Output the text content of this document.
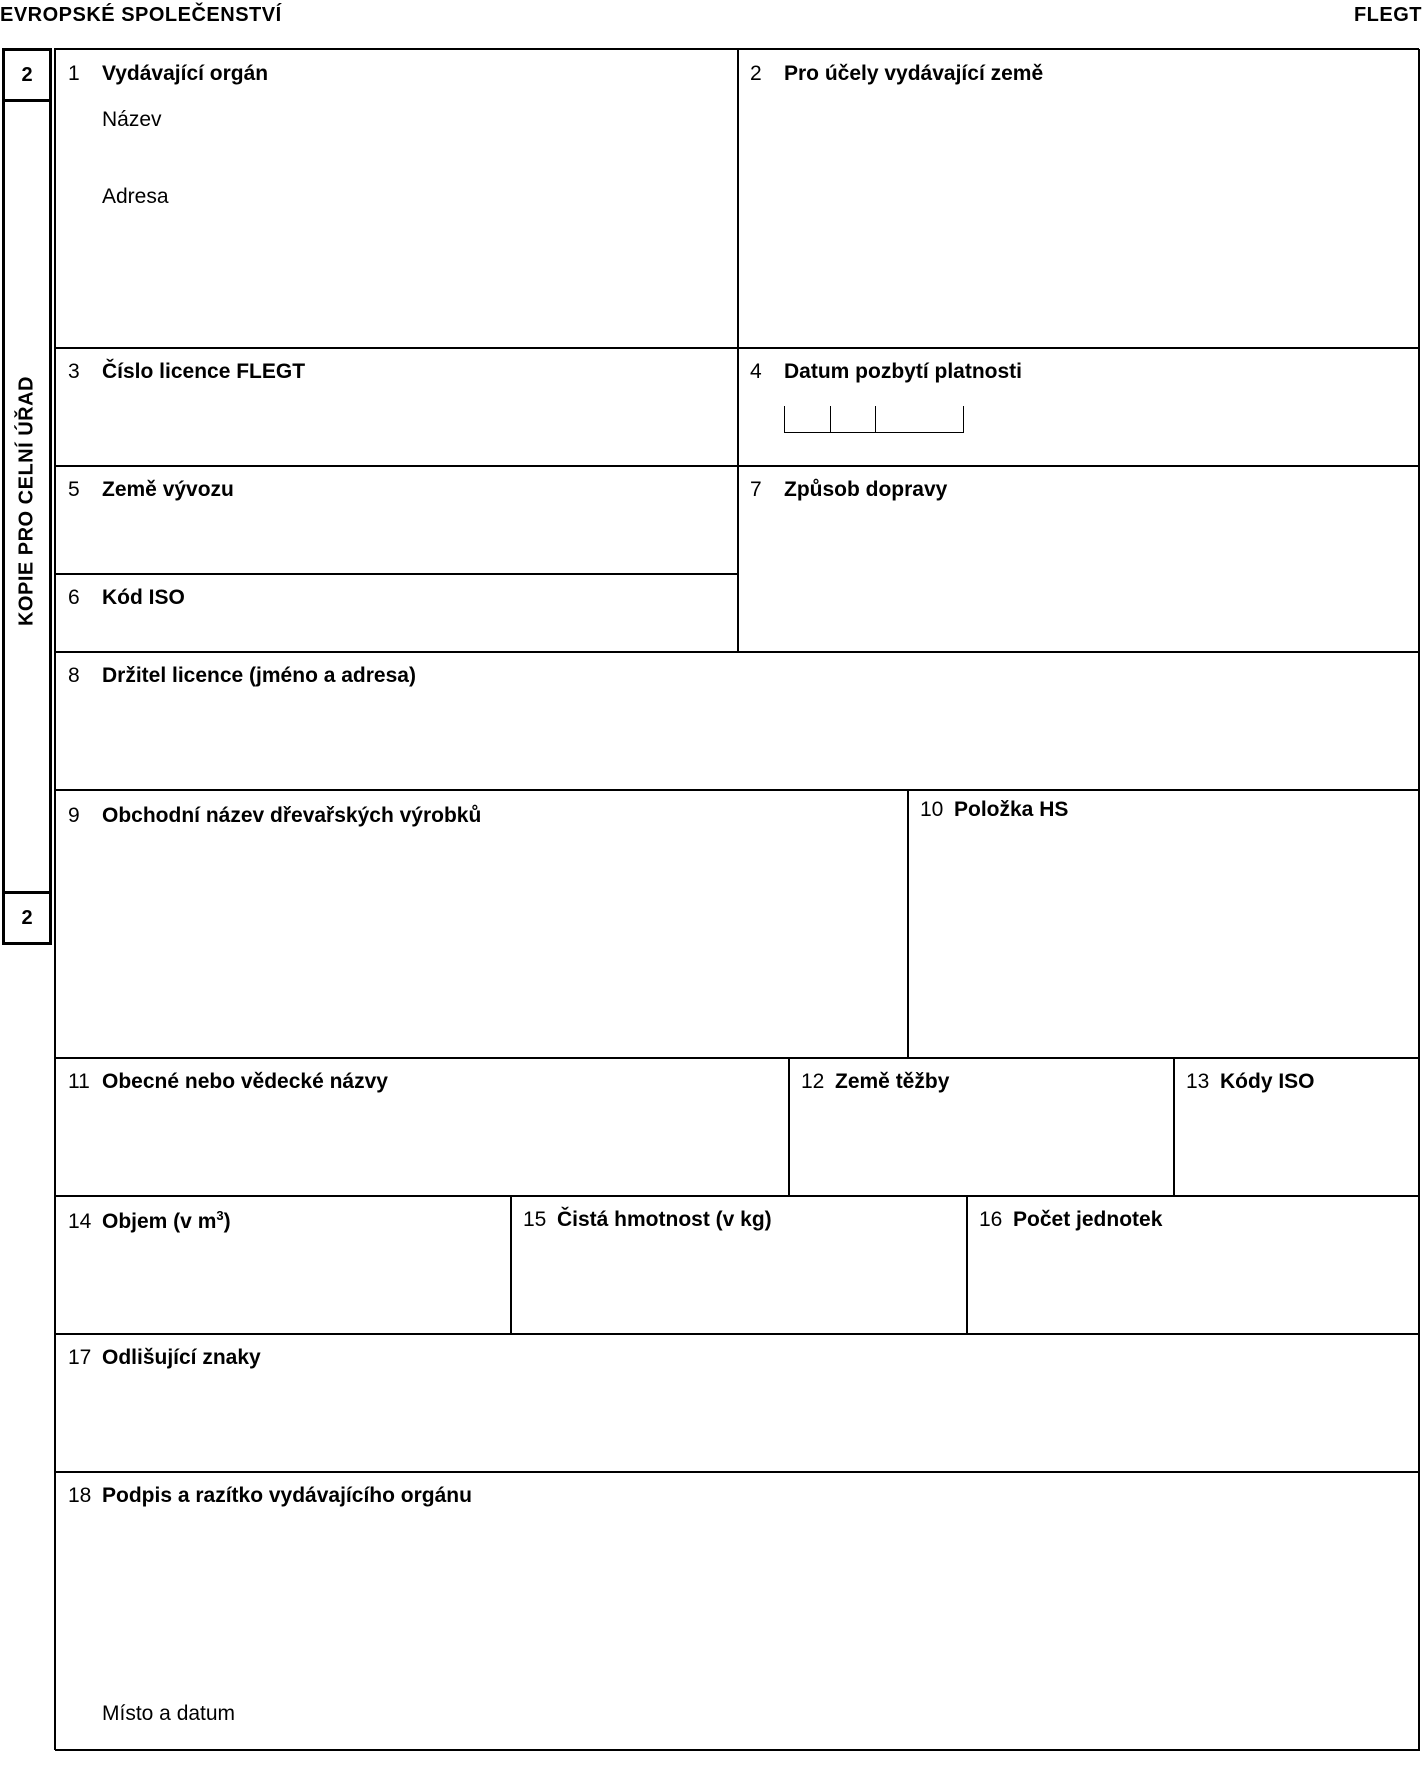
EVROPSKÉ SPOLEČENSTVÍ	FLEGT
2
KOPIE PRO CELNÍ ÚŘAD
2
1 Vydávající orgán
Název
Adresa
2 Pro účely vydávající země
3 Číslo licence FLEGT	4 Datum pozbytí platnosti
5 Země vývozu
6 Kód ISO
7 Způsob dopravy
8 Držitel licence (jméno a adresa)
9 Obchodní název dřevařských výrobků	10 Položka HS
11 Obecné nebo vědecké názvy	12 Země těžby	13 Kódy ISO
14 Objem (v $m^3$)	15 Čistá hmotnost (v kg)	16 Počet jednotek
17 Odlišující znaky
18 Podpis a razítko vydávajícího orgánu
Místo a datum
